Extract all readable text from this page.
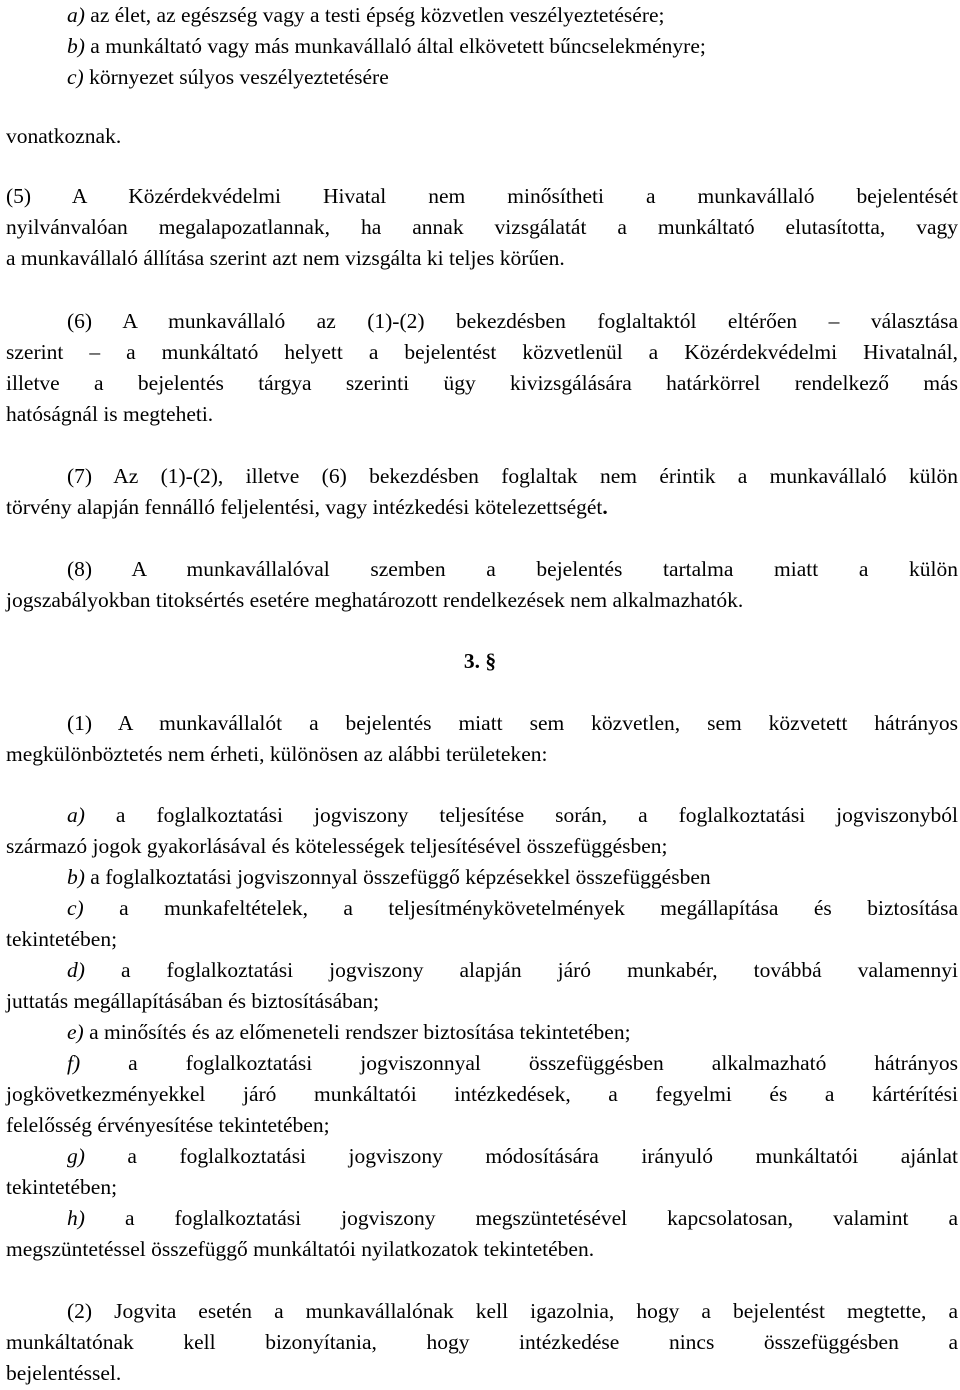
a) az élet, az egészség vagy a testi épség közvetlen veszélyeztetésére;
b) a munkáltató vagy más munkavállaló által elkövetett bűncselekményre;
c) környezet súlyos veszélyeztetésére
vonatkoznak.
(5) A Közérdekvédelmi Hivatal nem minősítheti a munkavállaló bejelentését
nyilvánvalóan megalapozatlannak, ha annak vizsgálatát a munkáltató elutasította, vagy
a munkavállaló állítása szerint azt nem vizsgálta ki teljes körűen.
(6) A munkavállaló az (1)-(2) bekezdésben foglaltaktól eltérően – választása
szerint – a munkáltató helyett a bejelentést közvetlenül a Közérdekvédelmi Hivatalnál,
illetve a bejelentés tárgya szerinti ügy kivizsgálására határkörrel rendelkező más
hatóságnál is megteheti.
(7) Az (1)-(2), illetve (6) bekezdésben foglaltak nem érintik a munkavállaló külön
törvény alapján fennálló feljelentési, vagy intézkedési kötelezettségét.
(8) A munkavállalóval szemben a bejelentés tartalma miatt a külön
jogszabályokban titoksértés esetére meghatározott rendelkezések nem alkalmazhatók.
3. §
(1) A munkavállalót a bejelentés miatt sem közvetlen, sem közvetett hátrányos
megkülönböztetés nem érheti, különösen az alábbi területeken:
a) a foglalkoztatási jogviszony teljesítése során, a foglalkoztatási jogviszonyból
származó jogok gyakorlásával és kötelességek teljesítésével összefüggésben;
b) a foglalkoztatási jogviszonnyal összefüggő képzésekkel összefüggésben
c) a munkafeltételek, a teljesítménykövetelmények megállapítása és biztosítása
tekintetében;
d) a foglalkoztatási jogviszony alapján járó munkabér, továbbá valamennyi
juttatás megállapításában és biztosításában;
e) a minősítés és az előmeneteli rendszer biztosítása tekintetében;
f) a foglalkoztatási jogviszonnyal összefüggésben alkalmazható hátrányos
jogkövetkezményekkel járó munkáltatói intézkedések, a fegyelmi és a kártérítési
felelősség érvényesítése tekintetében;
g) a foglalkoztatási jogviszony módosítására irányuló munkáltatói ajánlat
tekintetében;
h) a foglalkoztatási jogviszony megszüntetésével kapcsolatosan, valamint a
megszüntetéssel összefüggő munkáltatói nyilatkozatok tekintetében.
(2) Jogvita esetén a munkavállalónak kell igazolnia, hogy a bejelentést megtette, a
munkáltatónak kell bizonyítania, hogy intézkedése nincs összefüggésben a
bejelentéssel.
